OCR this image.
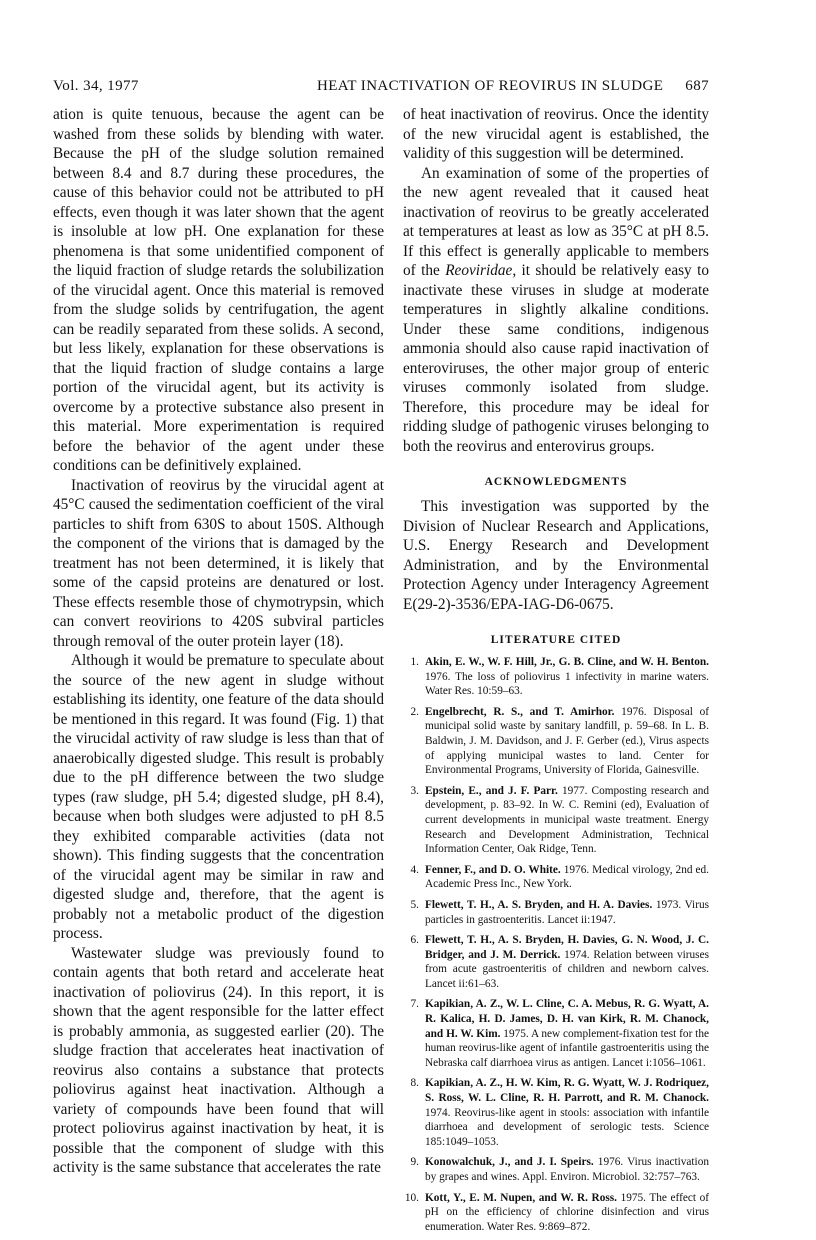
Vol. 34, 1977	HEAT INACTIVATION OF REOVIRUS IN SLUDGE 687

ation is quite tenuous, because the agent can be washed from these solids by blending with water. Because the pH of the sludge solution remained between 8.4 and 8.7 during these procedures, the cause of this behavior could not be attributed to pH effects, even though it was later shown that the agent is insoluble at low pH. One explanation for these phenomena is that some unidentified component of the liquid fraction of sludge retards the solubilization of the virucidal agent. Once this material is removed from the sludge solids by centrifugation, the agent can be readily separated from these solids. A second, but less likely, explanation for these observations is that the liquid fraction of sludge contains a large portion of the virucidal agent, but its activity is overcome by a protective substance also present in this material. More experimentation is required before the behavior of the agent under these conditions can be definitively explained.

Inactivation of reovirus by the virucidal agent at 45°C caused the sedimentation coefficient of the viral particles to shift from 630S to about 150S. Although the component of the virions that is damaged by the treatment has not been determined, it is likely that some of the capsid proteins are denatured or lost. These effects resemble those of chymotrypsin, which can convert reovirions to 420S subviral particles through removal of the outer protein layer (18).

Although it would be premature to speculate about the source of the new agent in sludge without establishing its identity, one feature of the data should be mentioned in this regard. It was found (Fig. 1) that the virucidal activity of raw sludge is less than that of anaerobically digested sludge. This result is probably due to the pH difference between the two sludge types (raw sludge, pH 5.4; digested sludge, pH 8.4), because when both sludges were adjusted to pH 8.5 they exhibited comparable activities (data not shown). This finding suggests that the concentration of the virucidal agent may be similar in raw and digested sludge and, therefore, that the agent is probably not a metabolic product of the digestion process.

Wastewater sludge was previously found to contain agents that both retard and accelerate heat inactivation of poliovirus (24). In this report, it is shown that the agent responsible for the latter effect is probably ammonia, as suggested earlier (20). The sludge fraction that accelerates heat inactivation of reovirus also contains a substance that protects poliovirus against heat inactivation. Although a variety of compounds have been found that will protect poliovirus against inactivation by heat, it is possible that the component of sludge with this activity is the same substance that accelerates the rate

of heat inactivation of reovirus. Once the identity of the new virucidal agent is established, the validity of this suggestion will be determined.

An examination of some of the properties of the new agent revealed that it caused heat inactivation of reovirus to be greatly accelerated at temperatures at least as low as 35°C at pH 8.5. If this effect is generally applicable to members of the Reoviridae, it should be relatively easy to inactivate these viruses in sludge at moderate temperatures in slightly alkaline conditions. Under these same conditions, indigenous ammonia should also cause rapid inactivation of enteroviruses, the other major group of enteric viruses commonly isolated from sludge. Therefore, this procedure may be ideal for ridding sludge of pathogenic viruses belonging to both the reovirus and enterovirus groups.

ACKNOWLEDGMENTS

This investigation was supported by the Division of Nuclear Research and Applications, U.S. Energy Research and Development Administration, and by the Environmental Protection Agency under Interagency Agreement E(29-2)-3536/EPA-IAG-D6-0675.

LITERATURE CITED
1. Akin, E. W., W. F. Hill, Jr., G. B. Cline, and W. H. Benton. 1976. The loss of poliovirus 1 infectivity in marine waters. Water Res. 10:59–63.
2. Engelbrecht, R. S., and T. Amirhor. 1976. Disposal of municipal solid waste by sanitary landfill, p. 59–68. In L. B. Baldwin, J. M. Davidson, and J. F. Gerber (ed.), Virus aspects of applying municipal wastes to land. Center for Environmental Programs, University of Florida, Gainesville.
3. Epstein, E., and J. F. Parr. 1977. Composting research and development, p. 83–92. In W. C. Remini (ed), Evaluation of current developments in municipal waste treatment. Energy Research and Development Administration, Technical Information Center, Oak Ridge, Tenn.
4. Fenner, F., and D. O. White. 1976. Medical virology, 2nd ed. Academic Press Inc., New York.
5. Flewett, T. H., A. S. Bryden, and H. A. Davies. 1973. Virus particles in gastroenteritis. Lancet ii:1947.
6. Flewett, T. H., A. S. Bryden, H. Davies, G. N. Wood, J. C. Bridger, and J. M. Derrick. 1974. Relation between viruses from acute gastroenteritis of children and newborn calves. Lancet ii:61–63.
7. Kapikian, A. Z., W. L. Cline, C. A. Mebus, R. G. Wyatt, A. R. Kalica, H. D. James, D. H. van Kirk, R. M. Chanock, and H. W. Kim. 1975. A new complement-fixation test for the human reovirus-like agent of infantile gastroenteritis using the Nebraska calf diarrhoea virus as antigen. Lancet i:1056–1061.
8. Kapikian, A. Z., H. W. Kim, R. G. Wyatt, W. J. Rodriquez, S. Ross, W. L. Cline, R. H. Parrott, and R. M. Chanock. 1974. Reovirus-like agent in stools: association with infantile diarrhoea and development of serologic tests. Science 185:1049–1053.
9. Konowalchuk, J., and J. I. Speirs. 1976. Virus inactivation by grapes and wines. Appl. Environ. Microbiol. 32:757–763.
10. Kott, Y., E. M. Nupen, and W. R. Ross. 1975. The effect of pH on the efficiency of chlorine disinfection and virus enumeration. Water Res. 9:869–872.
